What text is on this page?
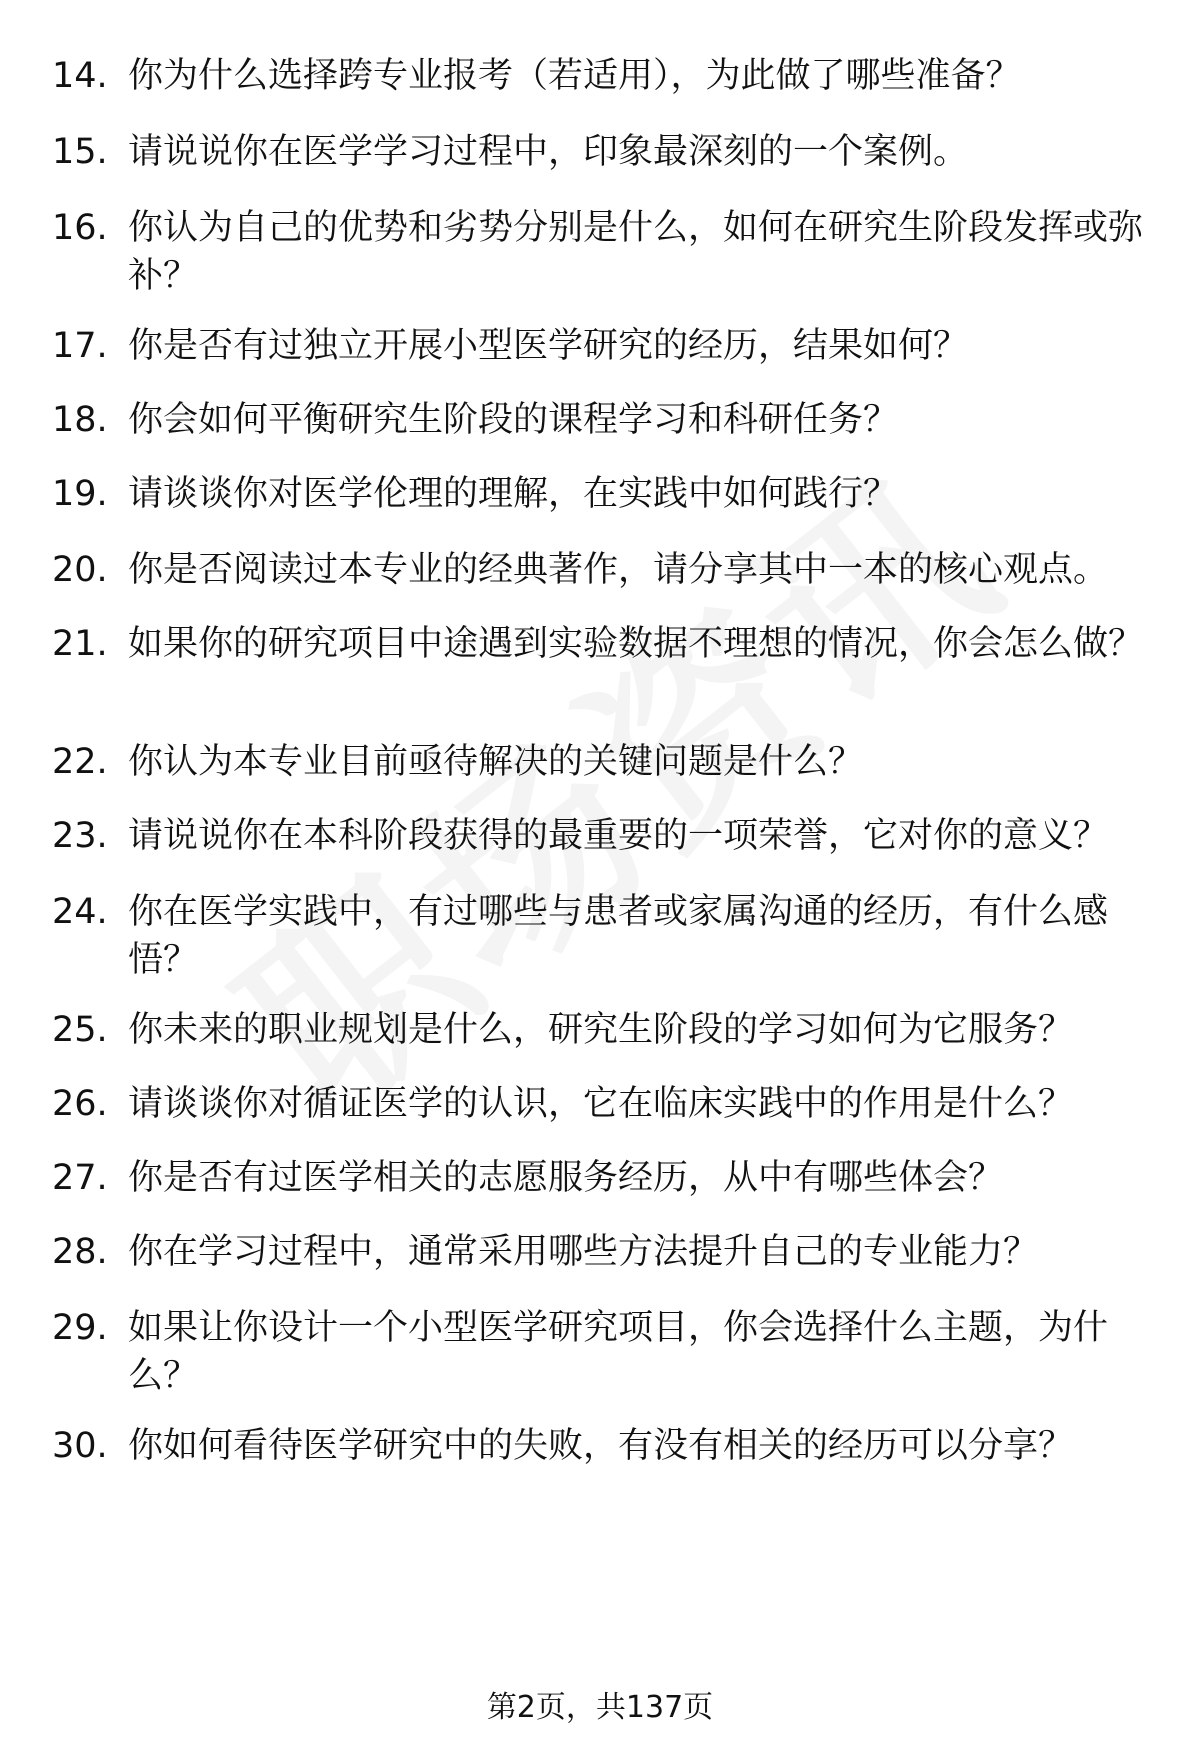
14. 你为什么选择跨专业报考（若适用），为此做了哪些准备？
15. 请说说你在医学学习过程中，印象最深刻的一个案例。
16. 你认为自己的优势和劣势分别是什么，如何在研究生阶段发挥或弥补？
17. 你是否有过独立开展小型医学研究的经历，结果如何？
18. 你会如何平衡研究生阶段的课程学习和科研任务？
19. 请谈谈你对医学伦理的理解，在实践中如何践行？
20. 你是否阅读过本专业的经典著作，请分享其中一本的核心观点。
21. 如果你的研究项目中途遇到实验数据不理想的情况，你会怎么做？
22. 你认为本专业目前亟待解决的关键问题是什么？
23. 请说说你在本科阶段获得的最重要的一项荣誉，它对你的意义？
24. 你在医学实践中，有过哪些与患者或家属沟通的经历，有什么感悟？
25. 你未来的职业规划是什么，研究生阶段的学习如何为它服务？
26. 请谈谈你对循证医学的认识，它在临床实践中的作用是什么？
27. 你是否有过医学相关的志愿服务经历，从中有哪些体会？
28. 你在学习过程中，通常采用哪些方法提升自己的专业能力？
29. 如果让你设计一个小型医学研究项目，你会选择什么主题，为什么？
30. 你如何看待医学研究中的失败，有没有相关的经历可以分享？
第2页，共137页
